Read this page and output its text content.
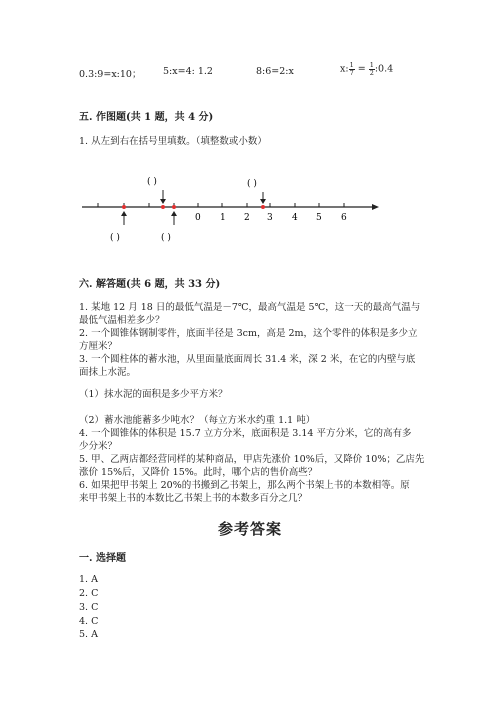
0.3:9=x:10； 5:x=4: 1.2	8:6=2:x	x: $\frac{1}{7} = \frac{1}{2}$ :0.4
五. 作图题(共 1 题，共 4 分)
1. 从左到右在括号里填数。（填整数或小数）
( )	( )
0 1 2 3 4 5 6
( )	( )
六. 解答题(共 6 题，共 33 分)
1. 某地 12 月 18 日的最低气温是－7℃，最高气温是 5℃，这一天的最高气温与
最低气温相差多少？
2. 一个圆锥体钢制零件，底面半径是 3cm，高是 2m，这个零件的体积是多少立
方厘米？
3. 一个圆柱体的蓄水池，从里面量底面周长 31.4 米，深 2 米，在它的内壁与底
面抹上水泥。
（1）抹水泥的面积是多少平方米？
（2）蓄水池能蓄多少吨水？（每立方米水约重 1.1 吨）
4. 一个圆锥体的体积是 15.7 立方分米，底面积是 3.14 平方分米，它的高有多
少分米？
5. 甲、乙两店都经营同样的某种商品，甲店先涨价 10%后，又降价 10%；乙店先
涨价 15%后，又降价 15%。此时，哪个店的售价高些？
6. 如果把甲书架上 20%的书搬到乙书架上，那么两个书架上书的本数相等。原
来甲书架上书的本数比乙书架上书的本数多百分之几？
参考答案
一. 选择题
1. A
2. C
3. C
4. C
5. A
